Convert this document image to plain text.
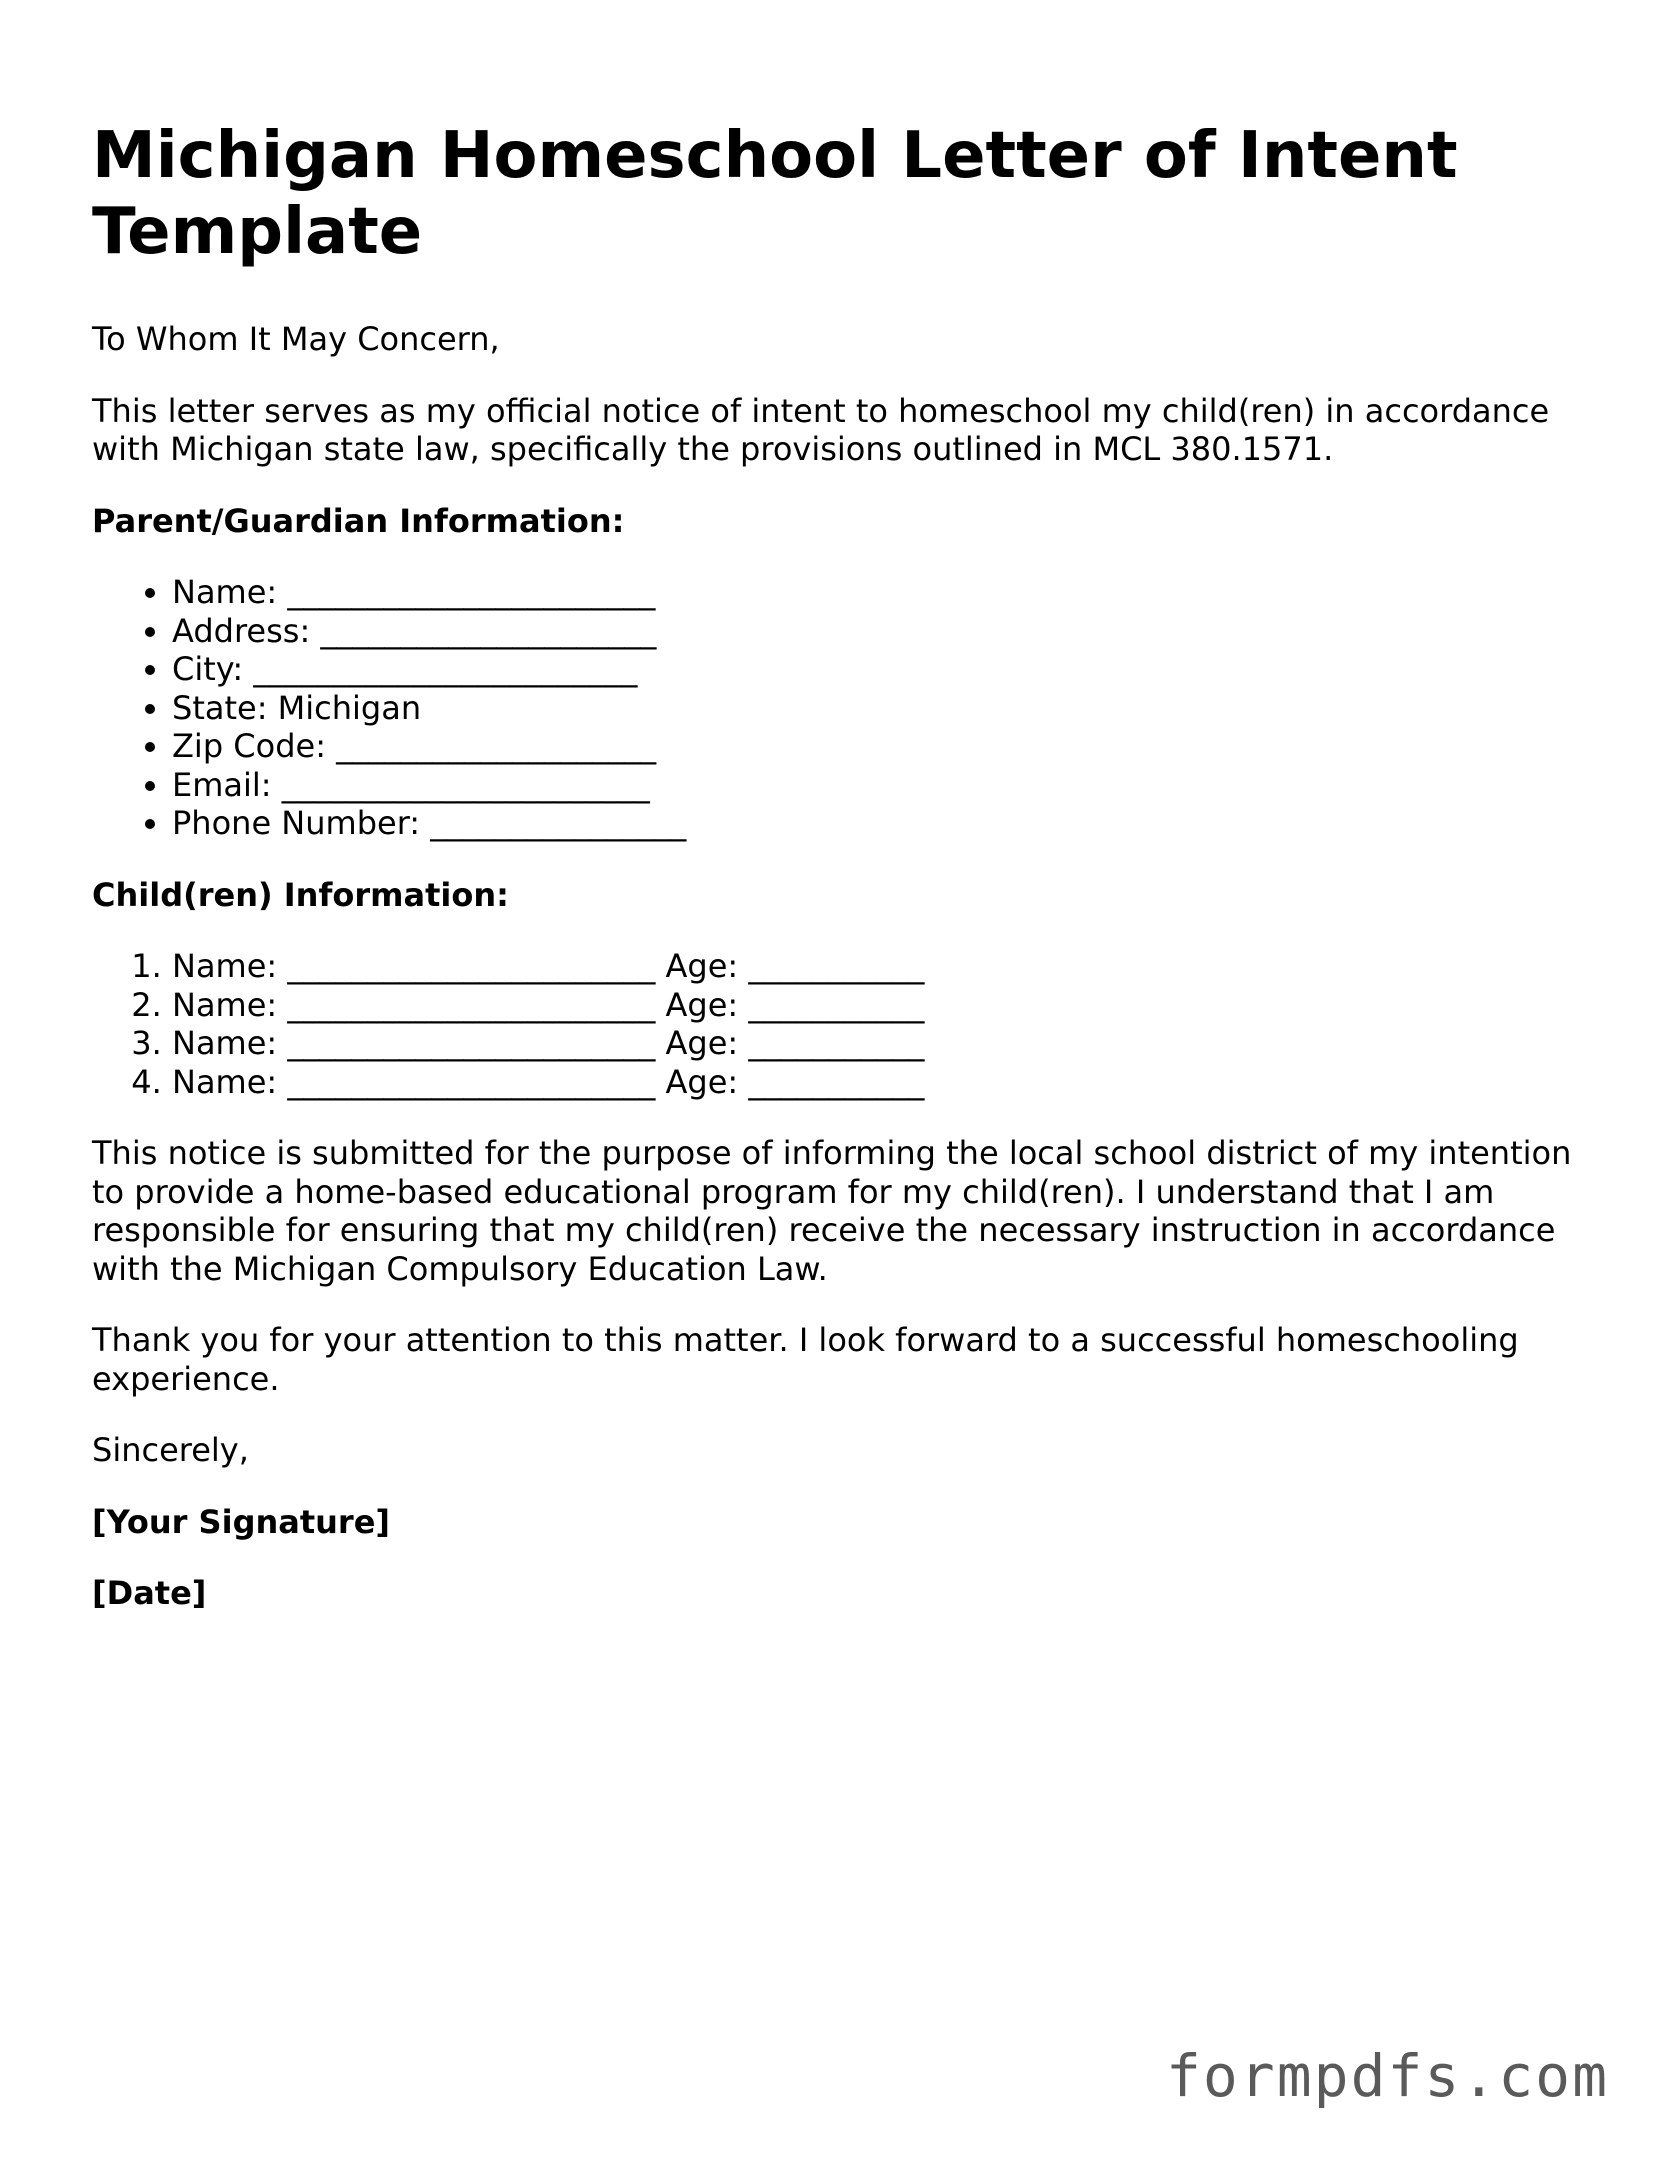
Michigan Homeschool Letter of Intent Template

To Whom It May Concern,

This letter serves as my official notice of intent to homeschool my child(ren) in accordance with Michigan state law, specifically the provisions outlined in MCL 380.1571.

Parent/Guardian Information:
• Name: _______________________
• Address: _____________________
• City: ________________________
• State: Michigan
• Zip Code: ____________________
• Email: _______________________
• Phone Number: ________________
Child(ren) Information:
1. Name: _______________________ Age: ___________
2. Name: _______________________ Age: ___________
3. Name: _______________________ Age: ___________
4. Name: _______________________ Age: ___________

This notice is submitted for the purpose of informing the local school district of my intention to provide a home-based educational program for my child(ren). I understand that I am responsible for ensuring that my child(ren) receive the necessary instruction in accordance with the Michigan Compulsory Education Law.

Thank you for your attention to this matter. I look forward to a successful homeschooling experience.

Sincerely,

[Your Signature]

[Date]

formpdfs.com
